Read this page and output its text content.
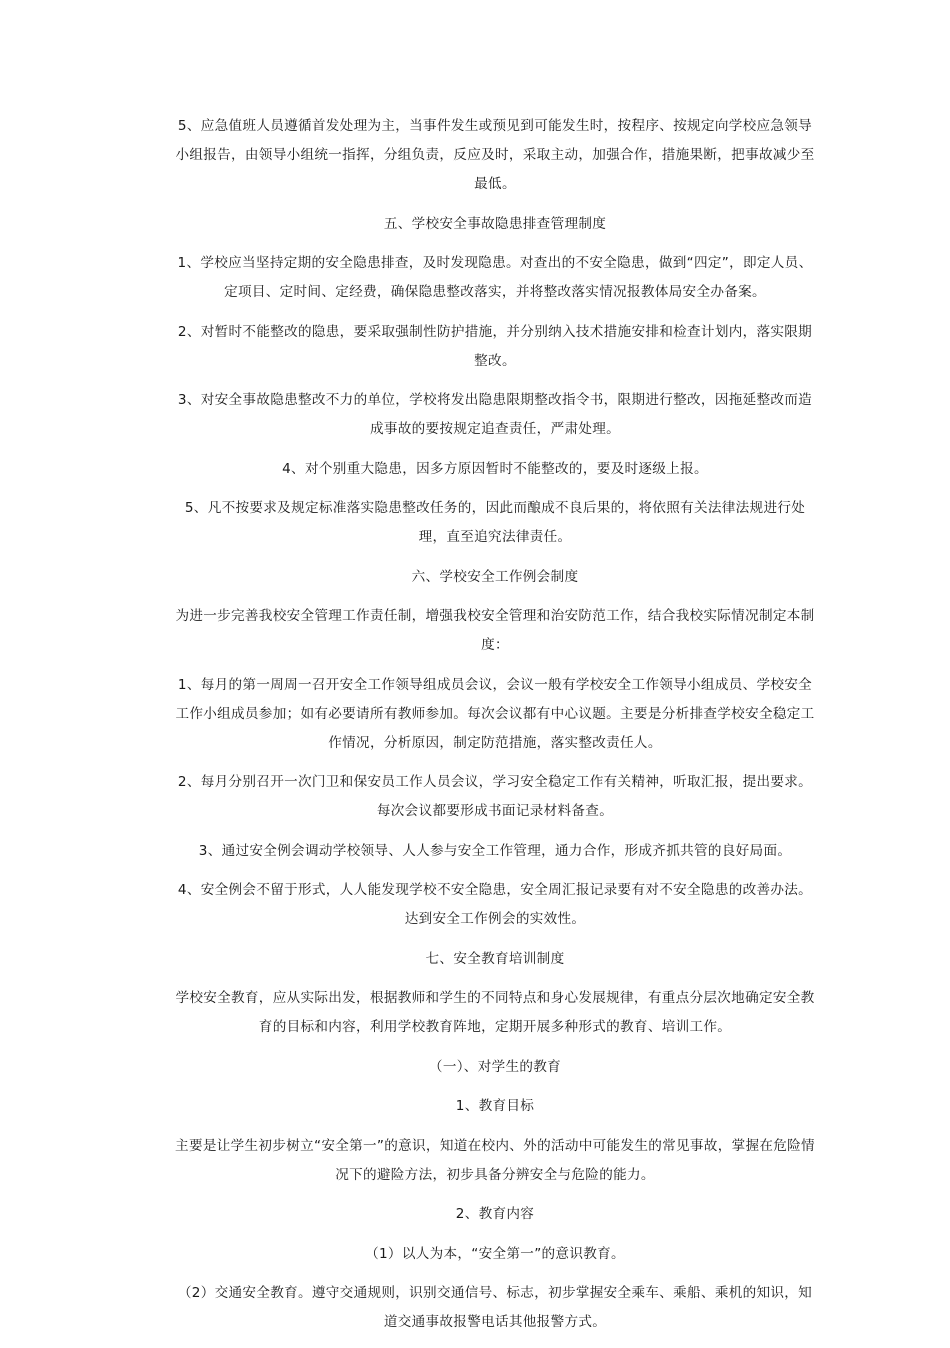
5、应急值班人员遵循首发处理为主，当事件发生或预见到可能发生时，按程序、按规定向学校应急领导小组报告，由领导小组统一指挥，分组负责，反应及时，采取主动，加强合作，措施果断，把事故减少至最低。

五、学校安全事故隐患排查管理制度

1、学校应当坚持定期的安全隐患排查，及时发现隐患。对查出的不安全隐患，做到“四定”，即定人员、定项目、定时间、定经费，确保隐患整改落实，并将整改落实情况报教体局安全办备案。

2、对暂时不能整改的隐患，要采取强制性防护措施，并分别纳入技术措施安排和检查计划内，落实限期整改。

3、对安全事故隐患整改不力的单位，学校将发出隐患限期整改指令书，限期进行整改，因拖延整改而造成事故的要按规定追查责任，严肃处理。

4、对个别重大隐患，因多方原因暂时不能整改的，要及时逐级上报。

5、凡不按要求及规定标准落实隐患整改任务的，因此而酿成不良后果的，将依照有关法律法规进行处理，直至追究法律责任。

六、学校安全工作例会制度

为进一步完善我校安全管理工作责任制，增强我校安全管理和治安防范工作，结合我校实际情况制定本制度：

1、每月的第一周周一召开安全工作领导组成员会议，会议一般有学校安全工作领导小组成员、学校安全工作小组成员参加；如有必要请所有教师参加。每次会议都有中心议题。主要是分析排查学校安全稳定工作情况，分析原因，制定防范措施，落实整改责任人。

2、每月分别召开一次门卫和保安员工作人员会议，学习安全稳定工作有关精神，听取汇报，提出要求。每次会议都要形成书面记录材料备查。

3、通过安全例会调动学校领导、人人参与安全工作管理，通力合作，形成齐抓共管的良好局面。

4、安全例会不留于形式，人人能发现学校不安全隐患，安全周汇报记录要有对不安全隐患的改善办法。达到安全工作例会的实效性。

七、安全教育培训制度

学校安全教育，应从实际出发，根据教师和学生的不同特点和身心发展规律，有重点分层次地确定安全教育的目标和内容，利用学校教育阵地，定期开展多种形式的教育、培训工作。

（一）、对学生的教育

1、教育目标

主要是让学生初步树立“安全第一”的意识，知道在校内、外的活动中可能发生的常见事故，掌握在危险情况下的避险方法，初步具备分辨安全与危险的能力。

2、教育内容

（1）以人为本，“安全第一”的意识教育。

（2）交通安全教育。遵守交通规则，识别交通信号、标志，初步掌握安全乘车、乘船、乘机的知识，知道交通事故报警电话其他报警方式。
